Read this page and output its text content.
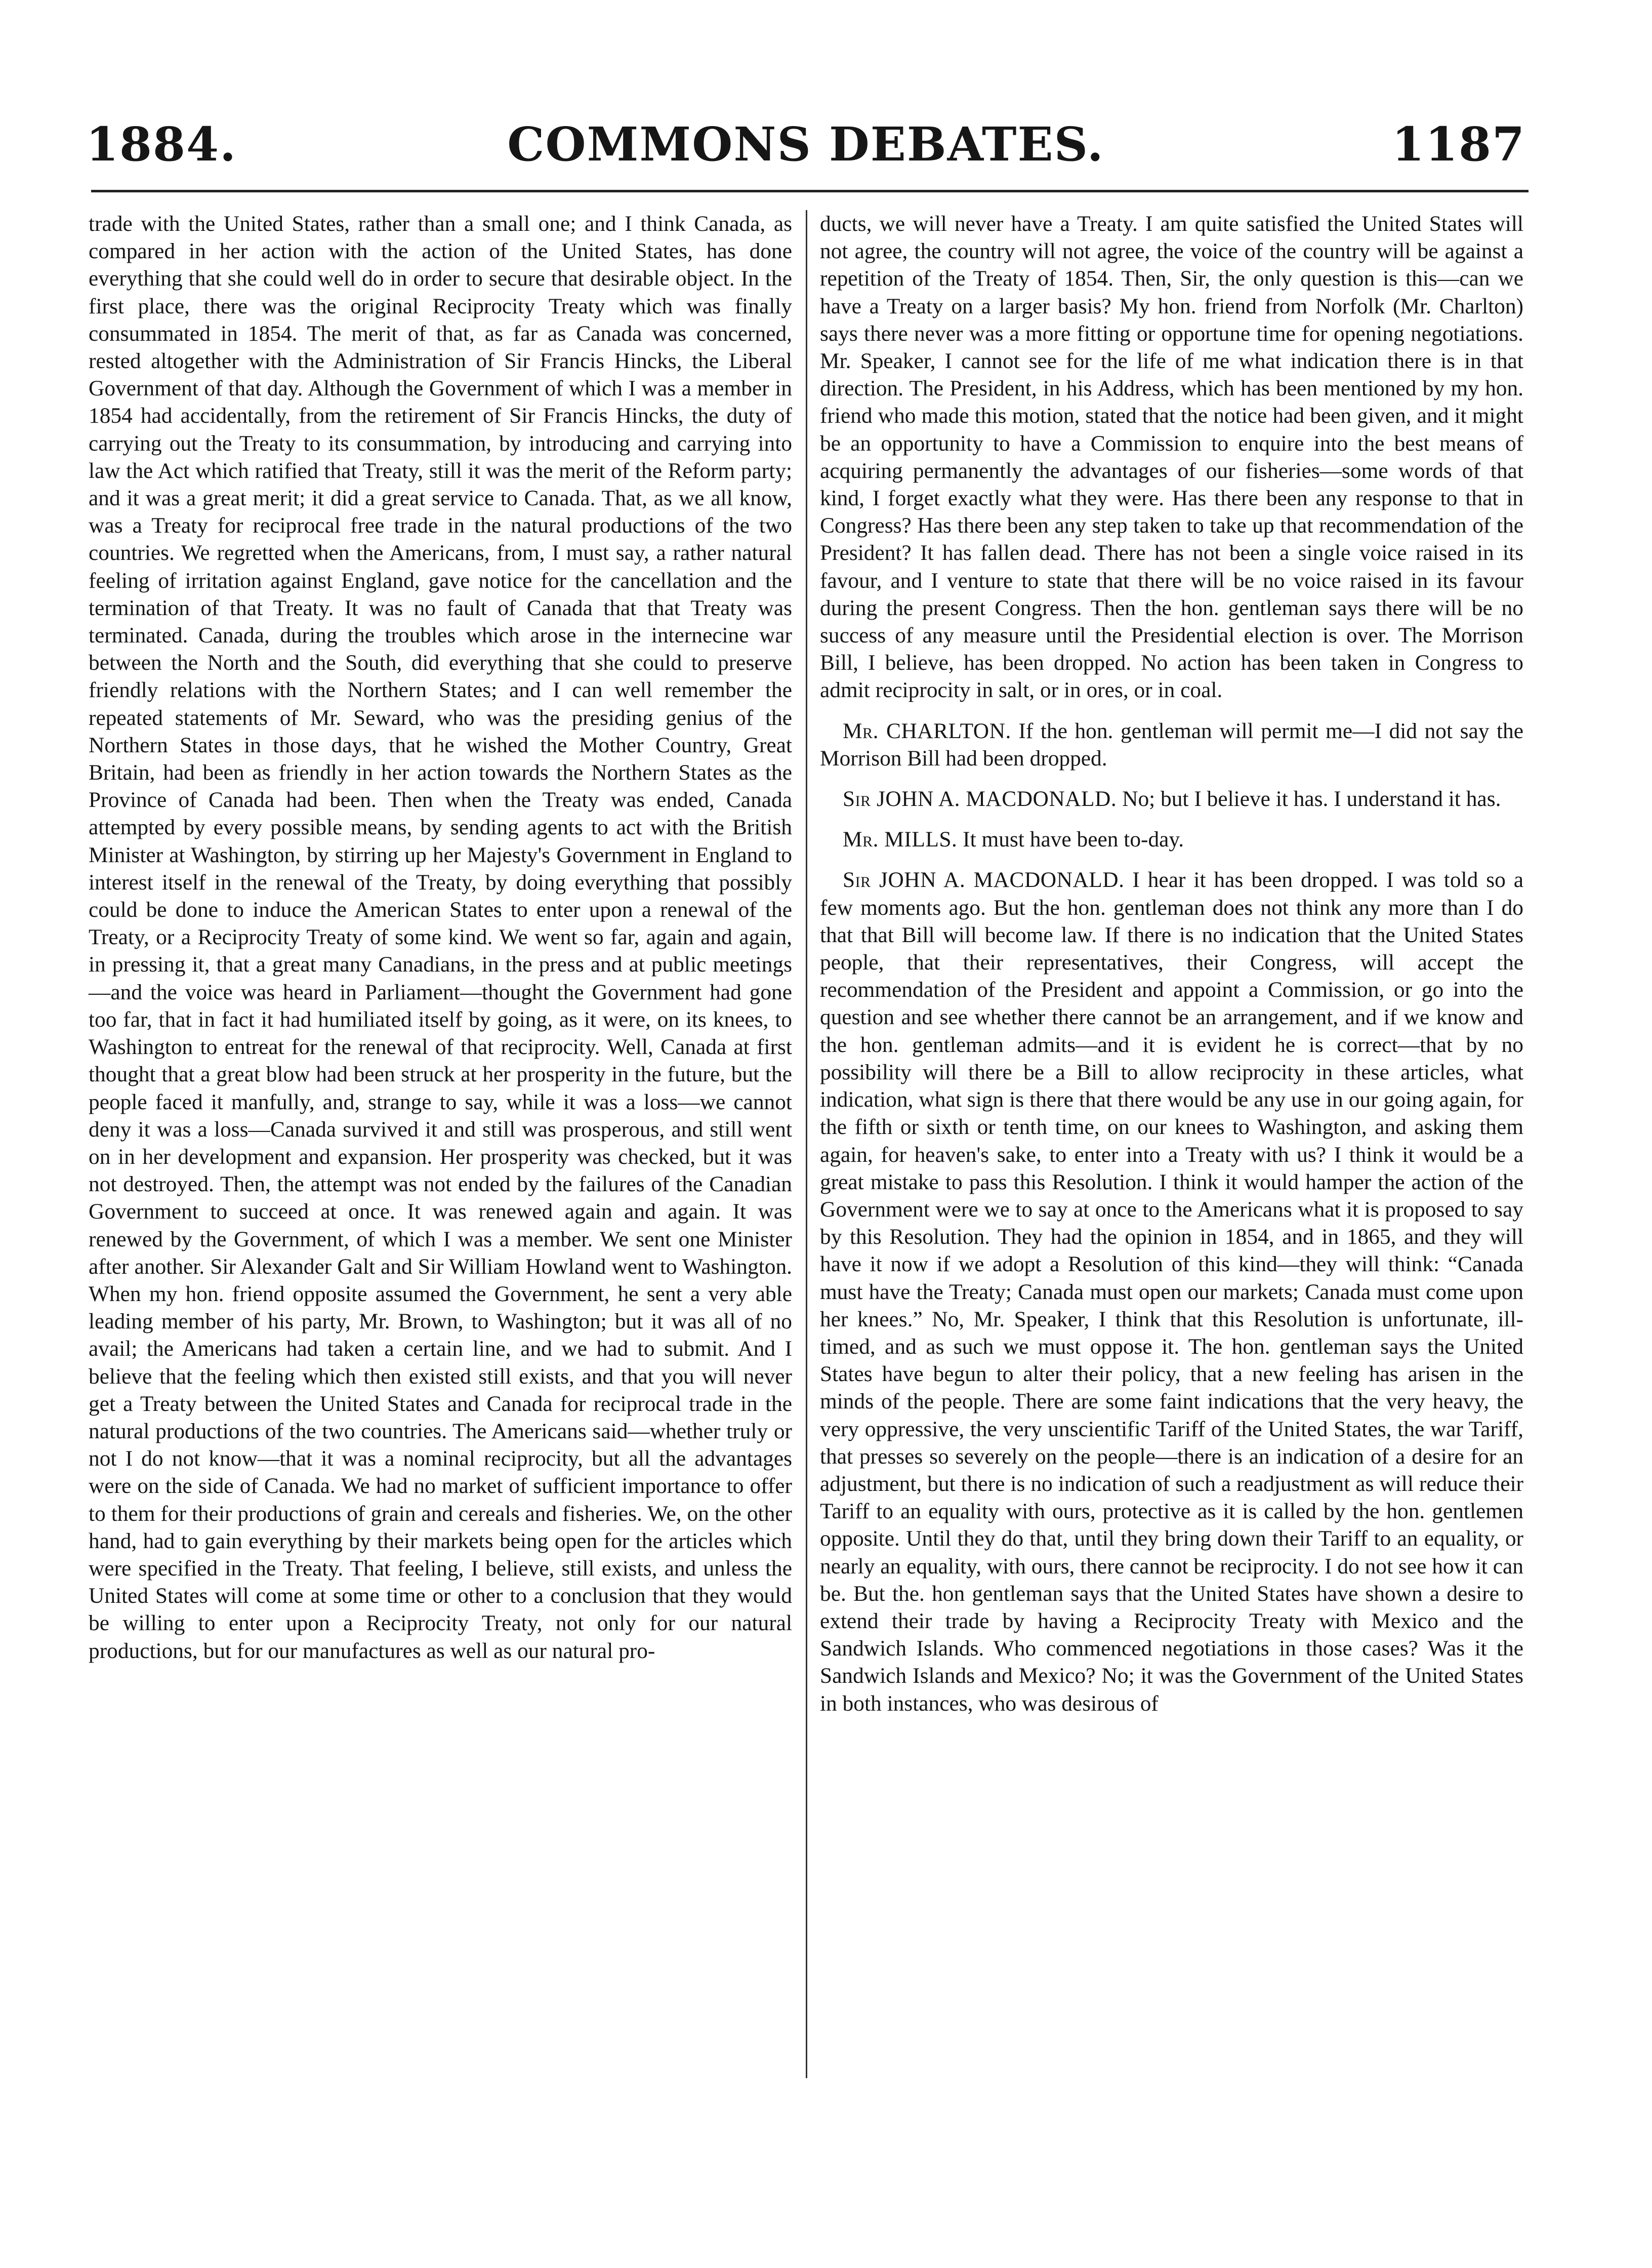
1884.	COMMONS DEBATES.	1187

trade with the United States, rather than a small one; and I think Canada, as compared in her action with the action of the United States, has done everything that she could well do in order to secure that desirable object. In the first place, there was the original Reciprocity Treaty which was finally consummated in 1854. The merit of that, as far as Canada was concerned, rested altogether with the Administration of Sir Francis Hincks, the Liberal Government of that day. Although the Government of which I was a member in 1854 had accidentally, from the retirement of Sir Francis Hincks, the duty of carrying out the Treaty to its consummation, by introducing and carrying into law the Act which ratified that Treaty, still it was the merit of the Reform party; and it was a great merit; it did a great service to Canada. That, as we all know, was a Treaty for reciprocal free trade in the natural productions of the two countries. We regretted when the Americans, from, I must say, a rather natural feeling of irritation against England, gave notice for the cancellation and the termination of that Treaty. It was no fault of Canada that that Treaty was terminated. Canada, during the troubles which arose in the internecine war between the North and the South, did everything that she could to preserve friendly relations with the Northern States; and I can well remember the repeated statements of Mr. Seward, who was the presiding genius of the Northern States in those days, that he wished the Mother Country, Great Britain, had been as friendly in her action towards the Northern States as the Province of Canada had been. Then when the Treaty was ended, Canada attempted by every possible means, by sending agents to act with the British Minister at Washington, by stirring up her Majesty's Government in England to interest itself in the renewal of the Treaty, by doing everything that possibly could be done to induce the American States to enter upon a renewal of the Treaty, or a Reciprocity Treaty of some kind. We went so far, again and again, in pressing it, that a great many Canadians, in the press and at public meetings—and the voice was heard in Parliament—thought the Government had gone too far, that in fact it had humiliated itself by going, as it were, on its knees, to Washington to entreat for the renewal of that reciprocity. Well, Canada at first thought that a great blow had been struck at her prosperity in the future, but the people faced it manfully, and, strange to say, while it was a loss—we cannot deny it was a loss—Canada survived it and still was prosperous, and still went on in her development and expansion. Her prosperity was checked, but it was not destroyed. Then, the attempt was not ended by the failures of the Canadian Government to succeed at once. It was renewed again and again. It was renewed by the Government, of which I was a member. We sent one Minister after another. Sir Alexander Galt and Sir William Howland went to Washington. When my hon. friend opposite assumed the Government, he sent a very able leading member of his party, Mr. Brown, to Washington; but it was all of no avail; the Americans had taken a certain line, and we had to submit. And I believe that the feeling which then existed still exists, and that you will never get a Treaty between the United States and Canada for reciprocal trade in the natural productions of the two countries. The Americans said—whether truly or not I do not know—that it was a nominal reciprocity, but all the advantages were on the side of Canada. We had no market of sufficient importance to offer to them for their productions of grain and cereals and fisheries. We, on the other hand, had to gain everything by their markets being open for the articles which were specified in the Treaty. That feeling, I believe, still exists, and unless the United States will come at some time or other to a conclusion that they would be willing to enter upon a Reciprocity Treaty, not only for our natural productions, but for our manufactures as well as our natural pro-

ducts, we will never have a Treaty. I am quite satisfied the United States will not agree, the country will not agree, the voice of the country will be against a repetition of the Treaty of 1854. Then, Sir, the only question is this—can we have a Treaty on a larger basis? My hon. friend from Norfolk (Mr. Charlton) says there never was a more fitting or opportune time for opening negotiations. Mr. Speaker, I cannot see for the life of me what indication there is in that direction. The President, in his Address, which has been mentioned by my hon. friend who made this motion, stated that the notice had been given, and it might be an opportunity to have a Commission to enquire into the best means of acquiring permanently the advantages of our fisheries—some words of that kind, I forget exactly what they were. Has there been any response to that in Congress? Has there been any step taken to take up that recommendation of the President? It has fallen dead. There has not been a single voice raised in its favour, and I venture to state that there will be no voice raised in its favour during the present Congress. Then the hon. gentleman says there will be no success of any measure until the Presidential election is over. The Morrison Bill, I believe, has been dropped. No action has been taken in Congress to admit reciprocity in salt, or in ores, or in coal.

Mr. CHARLTON. If the hon. gentleman will permit me—I did not say the Morrison Bill had been dropped.

Sir JOHN A. MACDONALD. No; but I believe it has. I understand it has.

Mr. MILLS. It must have been to-day.

Sir JOHN A. MACDONALD. I hear it has been dropped. I was told so a few moments ago. But the hon. gentleman does not think any more than I do that that Bill will become law. If there is no indication that the United States people, that their representatives, their Congress, will accept the recommendation of the President and appoint a Commission, or go into the question and see whether there cannot be an arrangement, and if we know and the hon. gentleman admits—and it is evident he is correct—that by no possibility will there be a Bill to allow reciprocity in these articles, what indication, what sign is there that there would be any use in our going again, for the fifth or sixth or tenth time, on our knees to Washington, and asking them again, for heaven's sake, to enter into a Treaty with us? I think it would be a great mistake to pass this Resolution. I think it would hamper the action of the Government were we to say at once to the Americans what it is proposed to say by this Resolution. They had the opinion in 1854, and in 1865, and they will have it now if we adopt a Resolution of this kind—they will think: “Canada must have the Treaty; Canada must open our markets; Canada must come upon her knees.” No, Mr. Speaker, I think that this Resolution is unfortunate, ill-timed, and as such we must oppose it. The hon. gentleman says the United States have begun to alter their policy, that a new feeling has arisen in the minds of the people. There are some faint indications that the very heavy, the very oppressive, the very unscientific Tariff of the United States, the war Tariff, that presses so severely on the people—there is an indication of a desire for an adjustment, but there is no indication of such a readjustment as will reduce their Tariff to an equality with ours, protective as it is called by the hon. gentlemen opposite. Until they do that, until they bring down their Tariff to an equality, or nearly an equality, with ours, there cannot be reciprocity. I do not see how it can be. But the. hon gentleman says that the United States have shown a desire to extend their trade by having a Reciprocity Treaty with Mexico and the Sandwich Islands. Who commenced negotiations in those cases? Was it the Sandwich Islands and Mexico? No; it was the Government of the United States in both instances, who was desirous of
